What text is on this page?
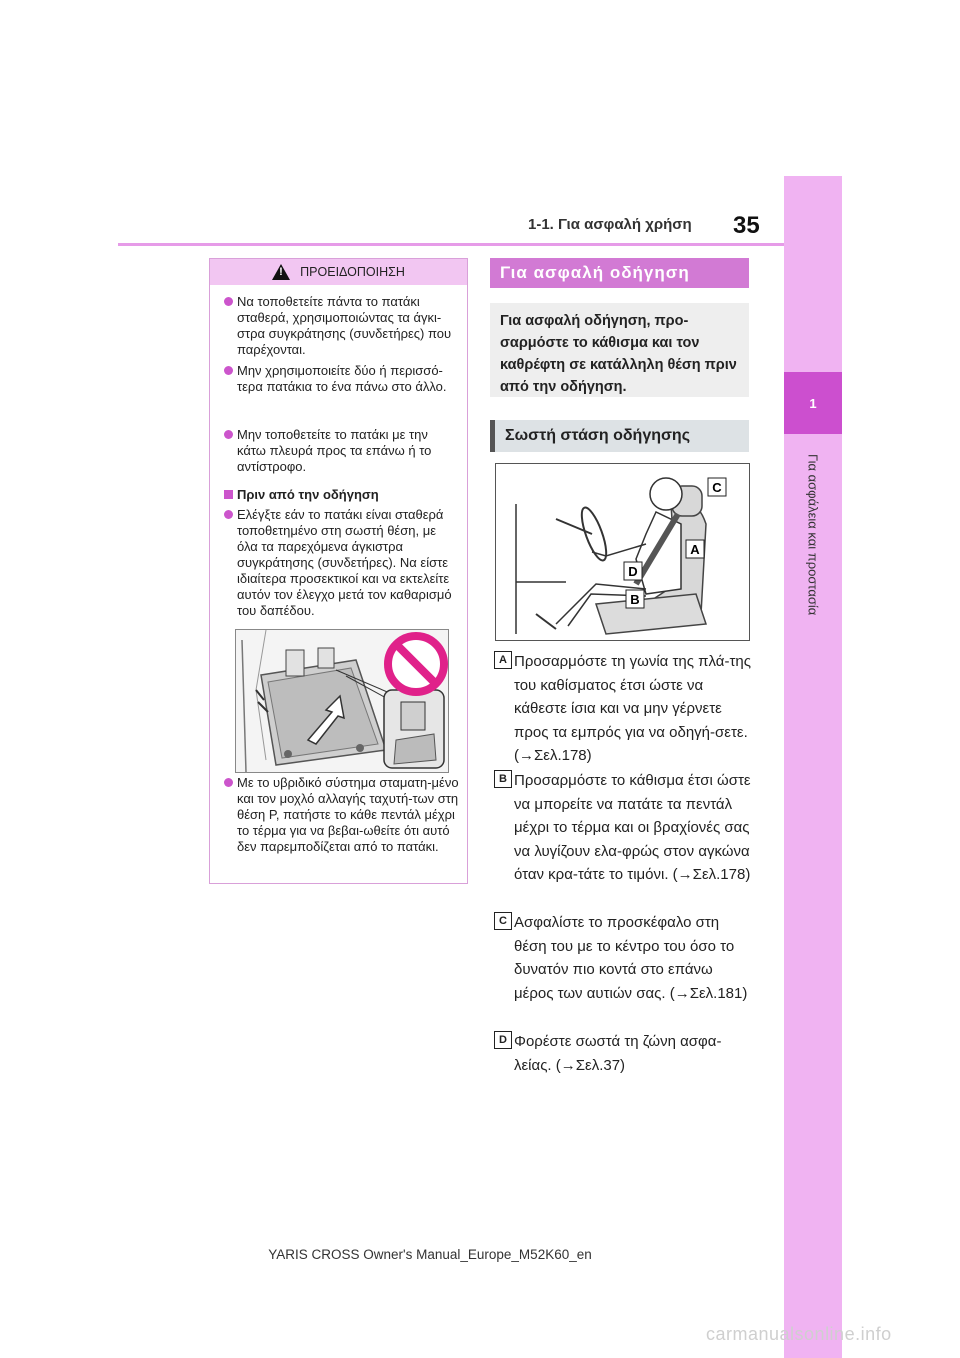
1-1. Για ασφαλή χρήση 35
1
Για ασφάλεια και προστασία
!
ΠΡΟΕΙΔΟΠΟΙΗΣΗ
Να τοποθετείτε πάντα το πατάκι σταθερά, χρησιμοποιώντας τα άγκι-στρα συγκράτησης (συνδετήρες) που παρέχονται.
Μην χρησιμοποιείτε δύο ή περισσό-τερα πατάκια το ένα πάνω στο άλλο.
Μην τοποθετείτε το πατάκι με την κάτω πλευρά προς τα επάνω ή το αντίστροφο.
Πριν από την οδήγηση
Ελέγξτε εάν το πατάκι είναι σταθερά τοποθετημένο στη σωστή θέση, με όλα τα παρεχόμενα άγκιστρα συγκράτησης (συνδετήρες). Να είστε ιδιαίτερα προσεκτικοί και να εκτελείτε αυτόν τον έλεγχο μετά τον καθαρισμό του δαπέδου.
Με το υβριδικό σύστημα σταματη-μένο και τον μοχλό αλλαγής ταχυτή-των στη θέση P, πατήστε το κάθε πεντάλ μέχρι το τέρμα για να βεβαι-ωθείτε ότι αυτό δεν παρεμποδίζεται από το πατάκι.
Για ασφαλή οδήγηση
Για ασφαλή οδήγηση, προ-σαρμόστε το κάθισμα και τον καθρέφτη σε κατάλληλη θέση πριν από την οδήγηση.
Σωστή στάση οδήγησης
C
A
D
B
A Προσαρμόστε τη γωνία της πλά-της του καθίσματος έτσι ώστε να κάθεστε ίσια και να μην γέρνετε προς τα εμπρός για να οδηγή-σετε. (→Σελ.178)
B Προσαρμόστε το κάθισμα έτσι ώστε να μπορείτε να πατάτε τα πεντάλ μέχρι το τέρμα και οι βραχίονές σας να λυγίζουν ελα-φρώς στον αγκώνα όταν κρα-τάτε το τιμόνι. (→Σελ.178)
C Ασφαλίστε το προσκέφαλο στη θέση του με το κέντρο του όσο το δυνατόν πιο κοντά στο επάνω μέρος των αυτιών σας. (→Σελ.181)
D Φορέστε σωστά τη ζώνη ασφα-λείας. (→Σελ.37)
YARIS CROSS Owner's Manual_Europe_M52K60_en
carmanualsonline.info
